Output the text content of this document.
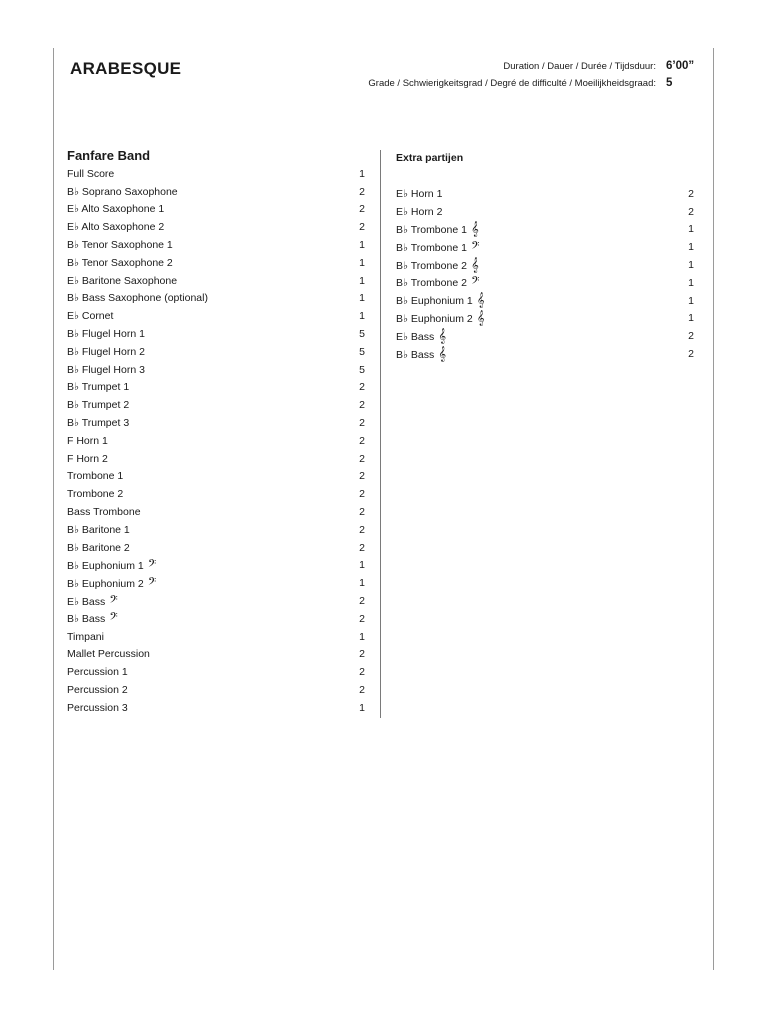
ARABESQUE	Duration / Dauer / Durée / Tijdsduur: 6’00”
Grade / Schwierigkeitsgrad / Degré de difficulté / Moeilijkheidsgraad: 5
Fanfare Band
Full Score	1
B♭ Soprano Saxophone	2
E♭ Alto Saxophone 1	2
E♭ Alto Saxophone 2	2
B♭ Tenor Saxophone 1	1
B♭ Tenor Saxophone 2	1
E♭ Baritone Saxophone	1
B♭ Bass Saxophone (optional)	1
E♭ Cornet	1
B♭ Flugel Horn 1	5
B♭ Flugel Horn 2	5
B♭ Flugel Horn 3	5
B♭ Trumpet 1	2
B♭ Trumpet 2	2
B♭ Trumpet 3	2
F Horn 1	2
F Horn 2	2
Trombone 1	2
Trombone 2	2
Bass Trombone	2
B♭ Baritone 1	2
B♭ Baritone 2	2
B♭ Euphonium 1 𝄢	1
B♭ Euphonium 2 𝄢	1
E♭ Bass 𝄢	2
B♭ Bass 𝄢	2
Timpani	1
Mallet Percussion	2
Percussion 1	2
Percussion 2	2
Percussion 3	1
Extra partijen
E♭ Horn 1	2
E♭ Horn 2	2
B♭ Trombone 1 𝄞	1
B♭ Trombone 1 𝄢	1
B♭ Trombone 2 𝄞	1
B♭ Trombone 2 𝄢	1
B♭ Euphonium 1 𝄞	1
B♭ Euphonium 2 𝄞	1
E♭ Bass 𝄞	2
B♭ Bass 𝄞	2
